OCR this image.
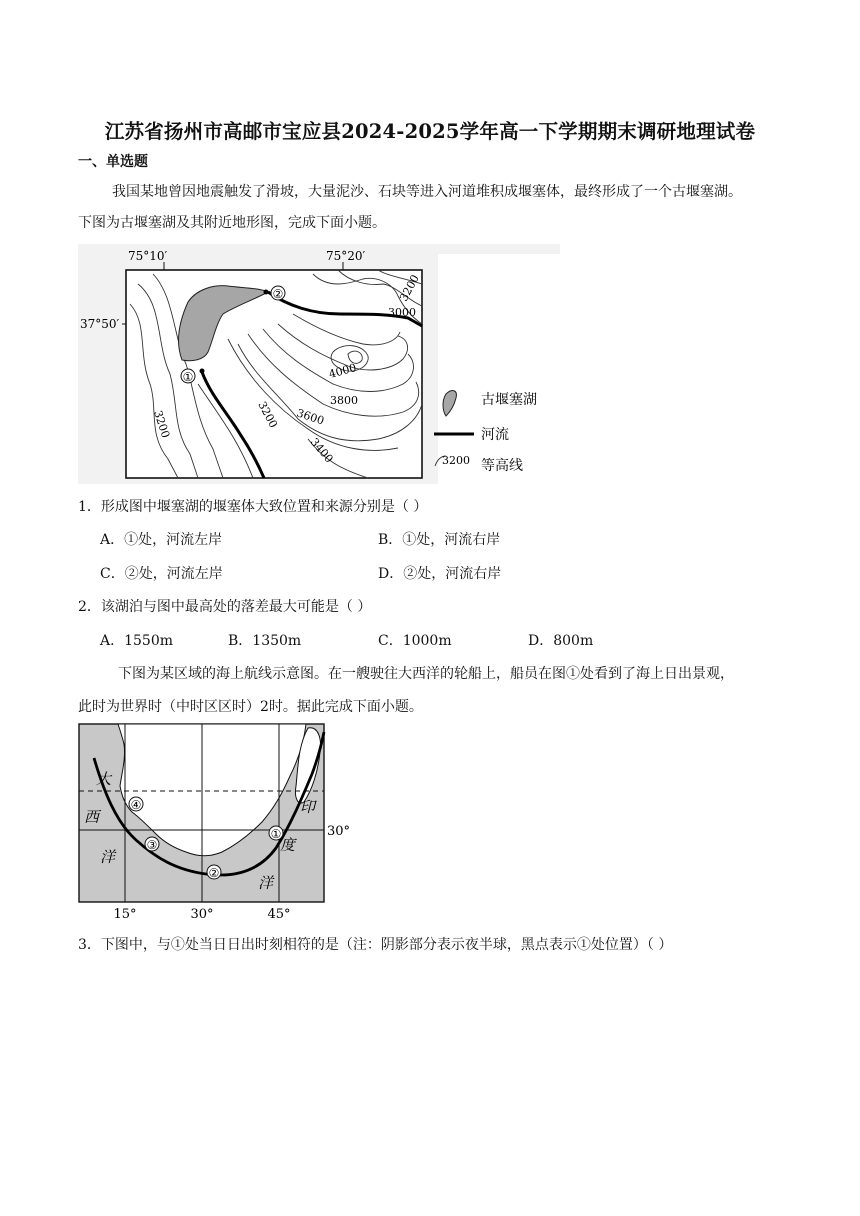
江苏省扬州市高邮市宝应县2024-2025学年高一下学期期末调研地理试卷
一、单选题
我国某地曾因地震触发了滑坡，大量泥沙、石块等进入河道堆积成堰塞体，最终形成了一个古堰塞湖。
下图为古堰塞湖及其附近地形图，完成下面小题。
①
②
75°10′	75°20′
37°50′
3200
3000
4000
3800
3600
3400
3200
3200
古堰塞湖
河流
3200 等高线
1．形成图中堰塞湖的堰塞体大致位置和来源分别是（ ）
A．①处，河流左岸	B．①处，河流右岸
C．②处，河流左岸	D．②处，河流右岸
2．该湖泊与图中最高处的落差最大可能是（ ）
A．1550m	B．1350m	C．1000m	D．800m
下图为某区域的海上航线示意图。在一艘驶往大西洋的轮船上，船员在图①处看到了海上日出景观，
此时为世界时（中时区区时）2时。据此完成下面小题。
①
②
③
④
大
西
洋
印
度
洋
30°
15°	30°	45°
3．下图中，与①处当日日出时刻相符的是（注：阴影部分表示夜半球，黑点表示①处位置）（ ）
